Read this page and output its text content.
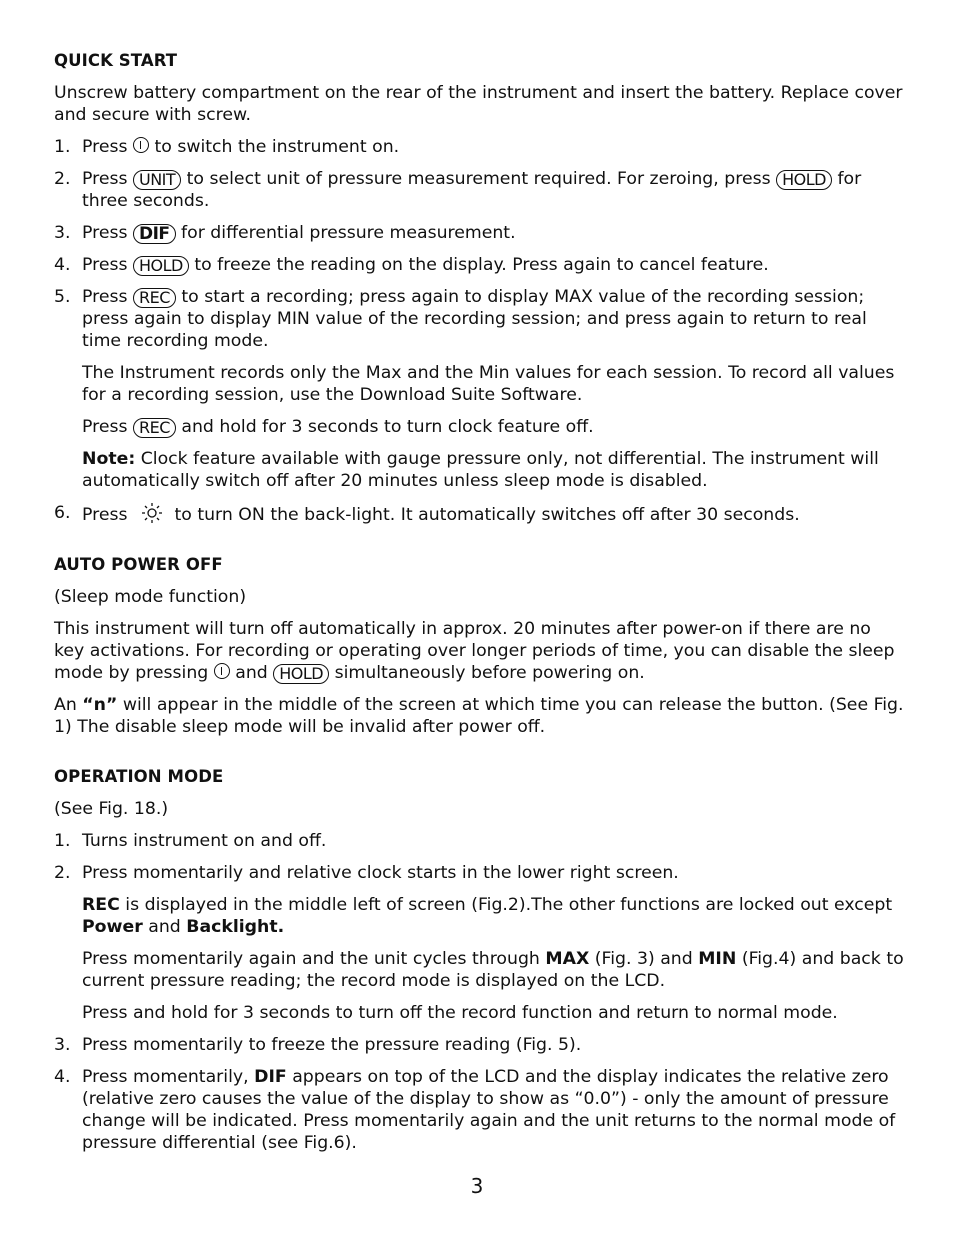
QUICK START

Unscrew battery compartment on the rear of the instrument and insert the battery. Replace cover and secure with screw.

1. Press to switch the instrument on.
2. Press UNIT to select unit of pressure measurement required. For zeroing, press HOLD for three seconds.
3. Press DIF for differential pressure measurement.
4. Press HOLD to freeze the reading on the display. Press again to cancel feature.
5. Press REC to start a recording; press again to display MAX value of the recording session; press again to display MIN value of the recording session; and press again to return to real time recording mode.

The Instrument records only the Max and the Min values for each session. To record all values for a recording session, use the Download Suite Software.

Press REC and hold for 3 seconds to turn clock feature off.

Note: Clock feature available with gauge pressure only, not differential. The instrument will automatically switch off after 20 minutes unless sleep mode is disabled.

6. Press	to turn ON the back-light. It automatically switches off after 30 seconds.
AUTO POWER OFF

(Sleep mode function)

This instrument will turn off automatically in approx. 20 minutes after power-on if there are no key activations. For recording or operating over longer periods of time, you can disable the sleep mode by pressing and HOLD simultaneously before powering on.

An “n” will appear in the middle of the screen at which time you can release the button. (See Fig. 1) The disable sleep mode will be invalid after power off.

OPERATION MODE

(See Fig. 18.)

1. Turns instrument on and off.
2. Press momentarily and relative clock starts in the lower right screen.

REC is displayed in the middle left of screen (Fig.2).The other functions are locked out except Power and Backlight.

Press momentarily again and the unit cycles through MAX (Fig. 3) and MIN (Fig.4) and back to current pressure reading; the record mode is displayed on the LCD.

Press and hold for 3 seconds to turn off the record function and return to normal mode.

3. Press momentarily to freeze the pressure reading (Fig. 5).
4. Press momentarily, DIF appears on top of the LCD and the display indicates the relative zero (relative zero causes the value of the display to show as “0.0”) - only the amount of pressure change will be indicated. Press momentarily again and the unit returns to the normal mode of pressure differential (see Fig.6).
3
